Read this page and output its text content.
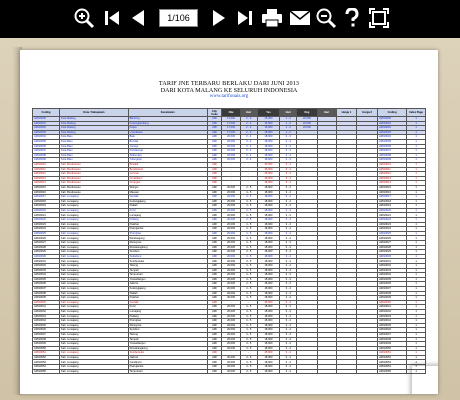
1/106
TARIF JNE TERBARU BERLAKU DARI JUNI 2013
DARI KOTA MALANG KE SELURUH INDONESIA
www.tarifonais.org
Coding	Kota / Kabupaten	Kecamatan	City Code	Oke	Hari	Yes	Hari	Reg	Hari	Harga 1	Harga 2	Coding	Index Page
AMI10000	Kota Malang	Blimbing	AMI	17,000	2 - 3	15,000	1 - 2	22,000				AMI10000	1
AMI10001	Kota Malang	Kedungkandang	AMI	17,000	2 - 3	15,000	1 - 2	22,000				AMI10001	1
AMI10002	Kota Malang	Klojen	AMI	17,000	2 - 3	15,000	1 - 2	22,000				AMI10002	1
AMI10003	Kota Malang	Lowokwaru	AMI	17,000	2 - 3	15,000	1 - 2					AMI10003	1
AMI10004	Kota Batu	Batu	AMI	20,000	3 - 4	18,000	2 - 3					AMI10004	1
AMI10005	Kota Batu	Bumiaji	AMI	20,000	3 - 4	18,000	2 - 3					AMI10005	1
AMI10006	Kota Batu	Junrejo	AMI	20,000	3 - 4	18,000	2 - 3					AMI10006	1
AMI10007	Kota Batu	Pandanrejo	AMI	20,000	3 - 4	18,000	2 - 3					AMI10007	1
AMI10008	Kota Batu	Sidomulyo	AMI	20,000	3 - 4	18,000	2 - 3					AMI10008	1
AMI10009	Kota Batu	Tulungrejo	AMI	20,000	3 - 4	18,000	2 - 3					AMI10009	1
AMI10010	Kab. Bondowoso	Binakal	AMI	-	-	45,000	3 - 4					AMI10010	1
AMI10011	Kab. Bondowoso	Bondowoso	AMI	-	-	45,000	3 - 4					AMI10011	1
AMI10012	Kab. Bondowoso	Cermee	AMI	-	-	45,000	3 - 4					AMI10012	1
AMI10013	Kab. Bondowoso	Curahdami	AMI	-	-	45,000	3 - 4					AMI10013	1
AMI10014	Kab. Bondowoso	Grujugan	AMI	-	-	45,000	3 - 4					AMI10014	1
AMI10015	Kab. Bondowoso	Wringin	AMI	20,000	4 - 5	18,000	3 - 4					AMI10015	1
AMI10016	Kab. Bondowoso	Maesan	AMI	20,000	4 - 5	18,000	3 - 4					AMI10016	1
AMI10017	Kab. Lumajang	Gucialit	AMI	20,000	4 - 5	18,000	3 - 4					AMI10017	1
AMI10018	Kab. Lumajang	Kedungjajang	AMI	20,000	4 - 5	18,000	3 - 4					AMI10018	1
AMI10019	Kab. Lumajang	Klakah	AMI	20,000	4 - 5	18,000	3 - 4					AMI10019	1
AMI10020	Kab. Lumajang	Kunir	AMI	20,000	4 - 5	18,000	3 - 4					AMI10020	1
AMI10021	Kab. Lumajang	Lumajang	AMI	20,000	4 - 5	18,000	3 - 4					AMI10021	1
AMI10022	Kab. Lumajang	Padang	AMI	20,000	4 - 5	18,000	3 - 4					AMI10022	1
AMI10023	Kab. Lumajang	Pasirian	AMI	20,000	4 - 5	18,000	3 - 4					AMI10023	1
AMI10024	Kab. Lumajang	Pasrujambe	AMI	20,000	4 - 5	18,000	3 - 4					AMI10024	1
AMI10025	Kab. Lumajang	Pronojiwo	AMI	20,000	4 - 5	18,000	3 - 4					AMI10025	1
AMI10026	Kab. Lumajang	Randuagung	AMI	20,000	4 - 5	18,000	3 - 4					AMI10026	1
AMI10027	Kab. Lumajang	Ranuyoso	AMI	20,000	4 - 5	18,000	3 - 4					AMI10027	1
AMI10028	Kab. Lumajang	Rowokangkung	AMI	20,000	4 - 5	18,000	3 - 4					AMI10028	1
AMI10029	Kab. Lumajang	Senduro	AMI	20,000	4 - 5	18,000	3 - 4					AMI10029	1
AMI10030	Kab. Lumajang	Sukodono	AMI	20,000	4 - 5	18,000	3 - 4					AMI10030	1
AMI10031	Kab. Lumajang	Sumbersuko	AMI	20,000	4 - 5	18,000	3 - 4					AMI10031	1
AMI10032	Kab. Lumajang	Tekung	AMI	20,000	4 - 5	18,000	3 - 4					AMI10032	1
AMI10033	Kab. Lumajang	Tempeh	AMI	20,000	4 - 5	18,000	3 - 4					AMI10033	1
AMI10034	Kab. Lumajang	Tempursari	AMI	20,000	4 - 5	18,000	3 - 4					AMI10034	1
AMI10035	Kab. Lumajang	Yosowilangun	AMI	20,000	4 - 5	18,000	3 - 4					AMI10035	1
AMI10036	Kab. Lumajang	Jatiroto	AMI	20,000	4 - 5	18,000	3 - 4					AMI10036	1
AMI10037	Kab. Lumajang	Kedungjajang	AMI	20,000	4 - 5	18,000	3 - 4					AMI10037	1
AMI10038	Kab. Lumajang	Klakah	AMI	20,000	4 - 5	18,000	3 - 4					AMI10038	1
AMI10039	Kab. Lumajang	Pasirian	AMI	20,000	4 - 5	18,000	3 - 4					AMI10039	1
AMI10040	Kab. Lumajang	Gucialit	AMI	-	-	45,000	3 - 4					AMI10040	1
AMI10041	Kab. Lumajang	Kunir	AMI	20,000	4 - 5	18,000	3 - 4					AMI10041	1
AMI10042	Kab. Lumajang	Lumajang	AMI	20,000	4 - 5	18,000	3 - 4					AMI10042	1
AMI10043	Kab. Lumajang	Padang	AMI	20,000	4 - 5	18,000	3 - 4					AMI10043	1
AMI10044	Kab. Lumajang	Pronojiwo	AMI	20,000	4 - 5	18,000	3 - 4					AMI10044	1
AMI10045	Kab. Lumajang	Ranuyoso	AMI	20,000	4 - 5	18,000	3 - 4					AMI10045	1
AMI10046	Kab. Lumajang	Senduro	AMI	20,000	4 - 5	18,000	3 - 4					AMI10046	1
AMI10047	Kab. Lumajang	Tekung	AMI	20,000	4 - 5	18,000	3 - 4					AMI10047	1
AMI10048	Kab. Lumajang	Tempeh	AMI	20,000	4 - 5	18,000	3 - 4					AMI10048	1
AMI10049	Kab. Lumajang	Yosowilangun	AMI	20,000	4 - 5	18,000	3 - 4					AMI10049	1
AMI10050	Kab. Lumajang	Rowokangkung	AMI	20,000	4 - 5	18,000	3 - 4					AMI10050	1
AMI10051	Kab. Lumajang	Sumbersuko	AMI	-	-	45,000	3 - 4					AMI10051	1
AMI10052	Kab. Lumajang	Jatiroto	AMI	20,000	4 - 5	18,000	3 - 4					AMI10052	1
AMI10053	Kab. Lumajang	Candipuro	AMI	20,000	4 - 5	18,000	3 - 4					AMI10053	1
AMI10054	Kab. Lumajang	Pasrujambe	AMI	20,000	4 - 5	18,000	3 - 4					AMI10054	1
AMI10055	Kab. Lumajang	Tempursari	AMI	20,000	4 - 5	18,000	3 - 4					AMI10055	1
